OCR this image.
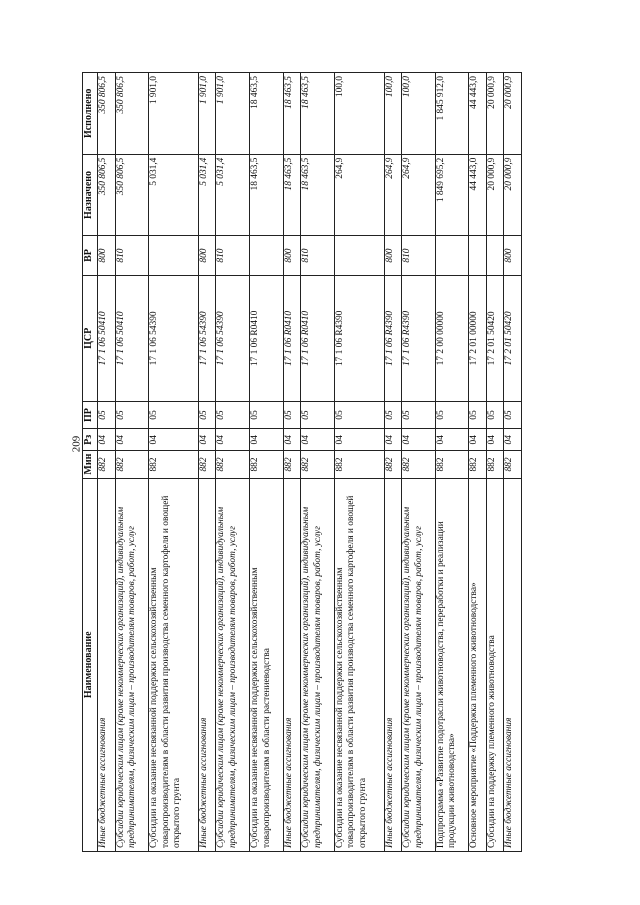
209
Наименование	Мин	Рз	ПР	ЦСР	ВР	Назначено	Исполнено
Иные бюджетные ассигнования	882	04	05	17 1 06 50410	800	350 806,5	350 806,5
Субсидии юридическим лицам (кроме некоммерческих организаций), индивидуальным предпринимателям, физическим лицам – производителям товаров, работ, услуг	882	04	05	17 1 06 50410	810	350 806,5	350 806,5
Субсидии на оказание несвязанной поддержки сельскохозяйственным товаропроизводителям в области развития производства семенного картофеля и овощей открытого грунта	882	04	05	17 1 06 54390		5 031,4	1 901,0
Иные бюджетные ассигнования	882	04	05	17 1 06 54390	800	5 031,4	1 901,0
Субсидии юридическим лицам (кроме некоммерческих организаций), индивидуальным предпринимателям, физическим лицам – производителям товаров, работ, услуг	882	04	05	17 1 06 54390	810	5 031,4	1 901,0
Субсидии на оказание несвязанной поддержки сельскохозяйственным товаропроизводителям в области растениеводства	882	04	05	17 1 06 R0410		18 463,5	18 463,5
Иные бюджетные ассигнования	882	04	05	17 1 06 R0410	800	18 463,5	18 463,5
Субсидии юридическим лицам (кроме некоммерческих организаций), индивидуальным предпринимателям, физическим лицам – производителям товаров, работ, услуг	882	04	05	17 1 06 R0410	810	18 463,5	18 463,5
Субсидии на оказание несвязанной поддержки сельскохозяйственным товаропроизводителям в области развития производства семенного картофеля и овощей открытого грунта	882	04	05	17 1 06 R4390		264,9	100,0
Иные бюджетные ассигнования	882	04	05	17 1 06 R4390	800	264,9	100,0
Субсидии юридическим лицам (кроме некоммерческих организаций), индивидуальным предпринимателям, физическим лицам – производителям товаров, работ, услуг	882	04	05	17 1 06 R4390	810	264,9	100,0
Подпрограмма «Развитие подотрасли животноводства, переработки и реализации продукции животноводства»	882	04	05	17 2 00 00000		1 849 695,2	1 845 912,0
Основное мероприятие «Поддержка племенного животноводства»	882	04	05	17 2 01 00000		44 443,0	44 443,0
Субсидии на поддержку племенного животноводства	882	04	05	17 2 01 50420		20 000,9	20 000,9
Иные бюджетные ассигнования	882	04	05	17 2 01 50420	800	20 000,9	20 000,9
